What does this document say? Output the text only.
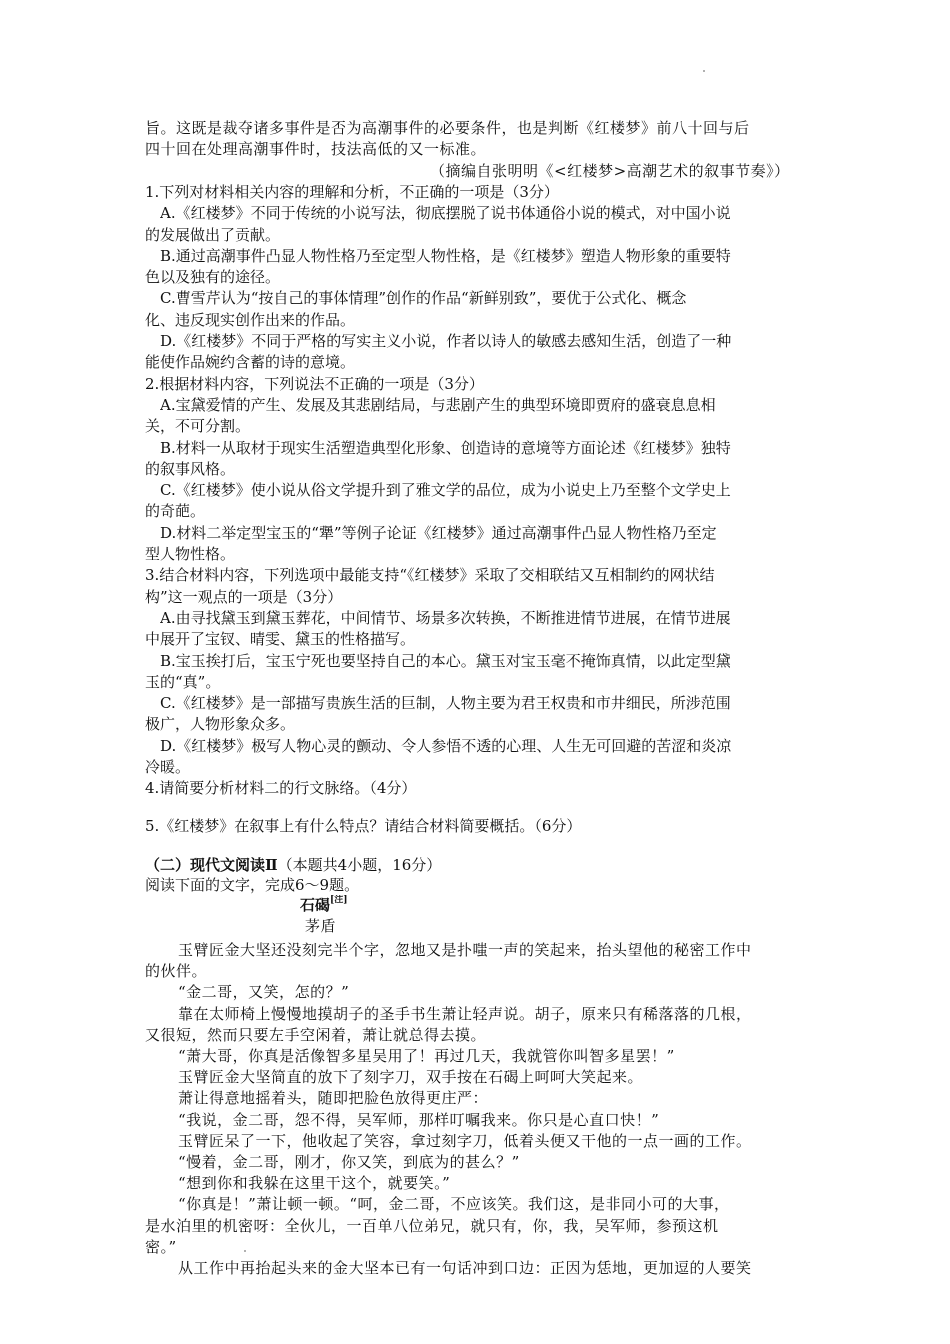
旨。这既是裁夺诸多事件是否为高潮事件的必要条件，也是判断《红楼梦》前八十回与后
四十回在处理高潮事件时，技法高低的又一标准。
（摘编自张明明《<红楼梦>高潮艺术的叙事节奏》）
1.下列对材料相关内容的理解和分析，不正确的一项是（3分）
A.《红楼梦》不同于传统的小说写法，彻底摆脱了说书体通俗小说的模式，对中国小说
的发展做出了贡献。
B.通过高潮事件凸显人物性格乃至定型人物性格，是《红楼梦》塑造人物形象的重要特
色以及独有的途径。
C.曹雪芹认为“按自己的事体情理”创作的作品“新鲜别致”，要优于公式化、概念
化、违反现实创作出来的作品。
D.《红楼梦》不同于严格的写实主义小说，作者以诗人的敏感去感知生活，创造了一种
能使作品婉约含蓄的诗的意境。
2.根据材料内容，下列说法不正确的一项是（3分）
A.宝黛爱情的产生、发展及其悲剧结局，与悲剧产生的典型环境即贾府的盛衰息息相
关，不可分割。
B.材料一从取材于现实生活塑造典型化形象、创造诗的意境等方面论述《红楼梦》独特
的叙事风格。
C.《红楼梦》使小说从俗文学提升到了雅文学的品位，成为小说史上乃至整个文学史上
的奇葩。
D.材料二举定型宝玉的“犟”等例子论证《红楼梦》通过高潮事件凸显人物性格乃至定
型人物性格。
3.结合材料内容，下列选项中最能支持“《红楼梦》采取了交相联结又互相制约的网状结
构”这一观点的一项是（3分）
A.由寻找黛玉到黛玉葬花，中间情节、场景多次转换，不断推进情节进展，在情节进展
中展开了宝钗、晴雯、黛玉的性格描写。
B.宝玉挨打后，宝玉宁死也要坚持自己的本心。黛玉对宝玉毫不掩饰真情，以此定型黛
玉的“真”。
C.《红楼梦》是一部描写贵族生活的巨制，人物主要为君王权贵和市井细民，所涉范围
极广，人物形象众多。
D.《红楼梦》极写人物心灵的颤动、令人参悟不透的心理、人生无可回避的苦涩和炎凉
冷暖。
4.请简要分析材料二的行文脉络。（4分）
5.《红楼梦》在叙事上有什么特点？请结合材料简要概括。（6分）
（二）现代文阅读Ⅱ（本题共4小题，16分）
阅读下面的文字，完成6～9题。
石碣[注]
茅盾
玉臂匠金大坚还没刻完半个字，忽地又是扑嗤一声的笑起来，抬头望他的秘密工作中
的伙伴。
“金二哥，又笑，怎的？”
靠在太师椅上慢慢地摸胡子的圣手书生萧让轻声说。胡子，原来只有稀落落的几根，
又很短，然而只要左手空闲着，萧让就总得去摸。
“萧大哥，你真是活像智多星吴用了！再过几天，我就管你叫智多星罢！”
玉臂匠金大坚简直的放下了刻字刀，双手按在石碣上呵呵大笑起来。
萧让得意地摇着头，随即把脸色放得更庄严：
“我说，金二哥，怨不得，吴军师，那样叮嘱我来。你只是心直口快！”
玉臂匠呆了一下，他收起了笑容，拿过刻字刀，低着头便又干他的一点一画的工作。
“慢着，金二哥，刚才，你又笑，到底为的甚么？”
“想到你和我躲在这里干这个，就要笑。”
“你真是！”萧让顿一顿。“呵，金二哥，不应该笑。我们这，是非同小可的大事，
是水泊里的机密呀：全伙儿，一百单八位弟兄，就只有，你，我，吴军师，参预这机
密。”
从工作中再抬起头来的金大坚本已有一句话冲到口边：正因为恁地，更加逗的人要笑
